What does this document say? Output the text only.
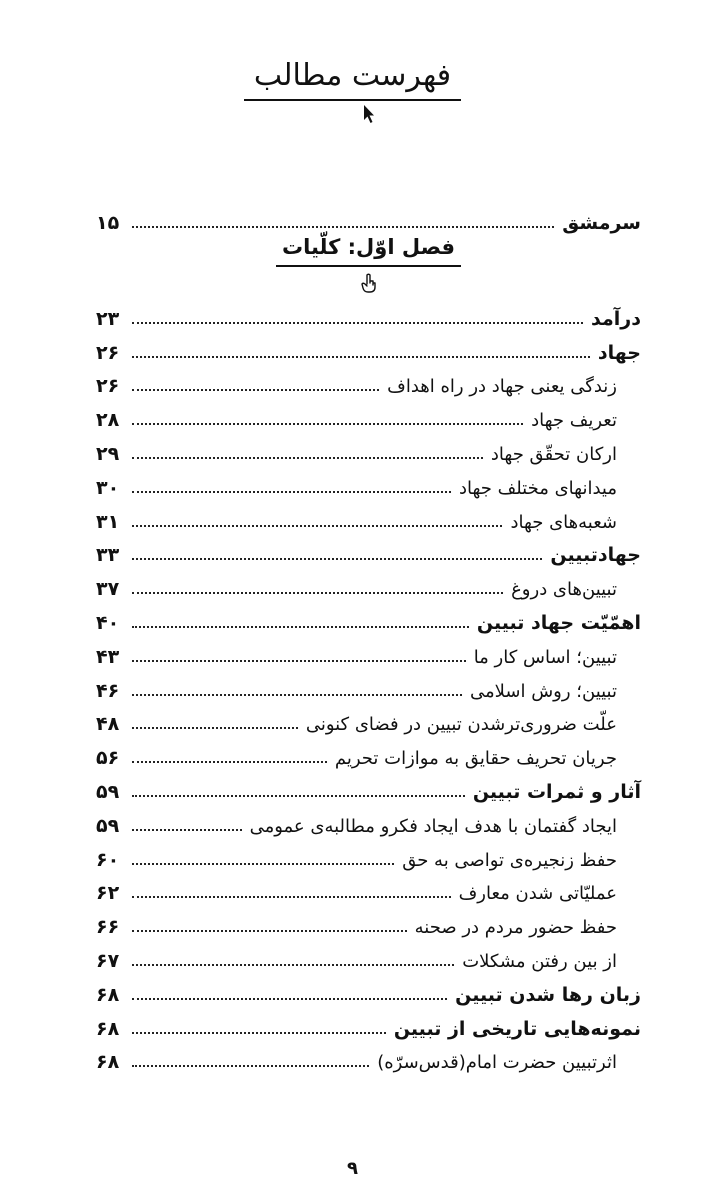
فهرست مطالب
سرمشق
۱۵
فصل اوّل: کلّیات
درآمد
۲۳
جهاد
۲۶
زندگی یعنی جهاد در راه اهداف
۲۶
تعریف جهاد
۲۸
ارکان تحقّق جهاد
۲۹
میدانهای مختلف جهاد
۳۰
شعبه‌های جهاد
۳۱
جهادتبیین
۳۳
تبیین‌های دروغ
۳۷
اهمّیّت جهاد تبیین
۴۰
تبیین؛ اساس کار ما
۴۳
تبیین؛ روش اسلامی
۴۶
علّت ضروری‌ترشدن تبیین در فضای کنونی
۴۸
جریان تحریف حقایق به موازات تحریم
۵۶
آثار و ثمرات تبیین
۵۹
ایجاد گفتمان با هدف ایجاد فکرو مطالبه‌ی عمومی
۵۹
حفظ زنجیره‌ی تواصی به حق
۶۰
عملیّاتی شدن معارف
۶۲
حفظ حضور مردم در صحنه
۶۶
از بین رفتن مشکلات
۶۷
زبان رها شدن تبیین
۶۸
نمونه‌هایی تاریخی از تبیین
۶۸
اثرتبیین حضرت امام(قدس‌سرّه)
۶۸
۹
